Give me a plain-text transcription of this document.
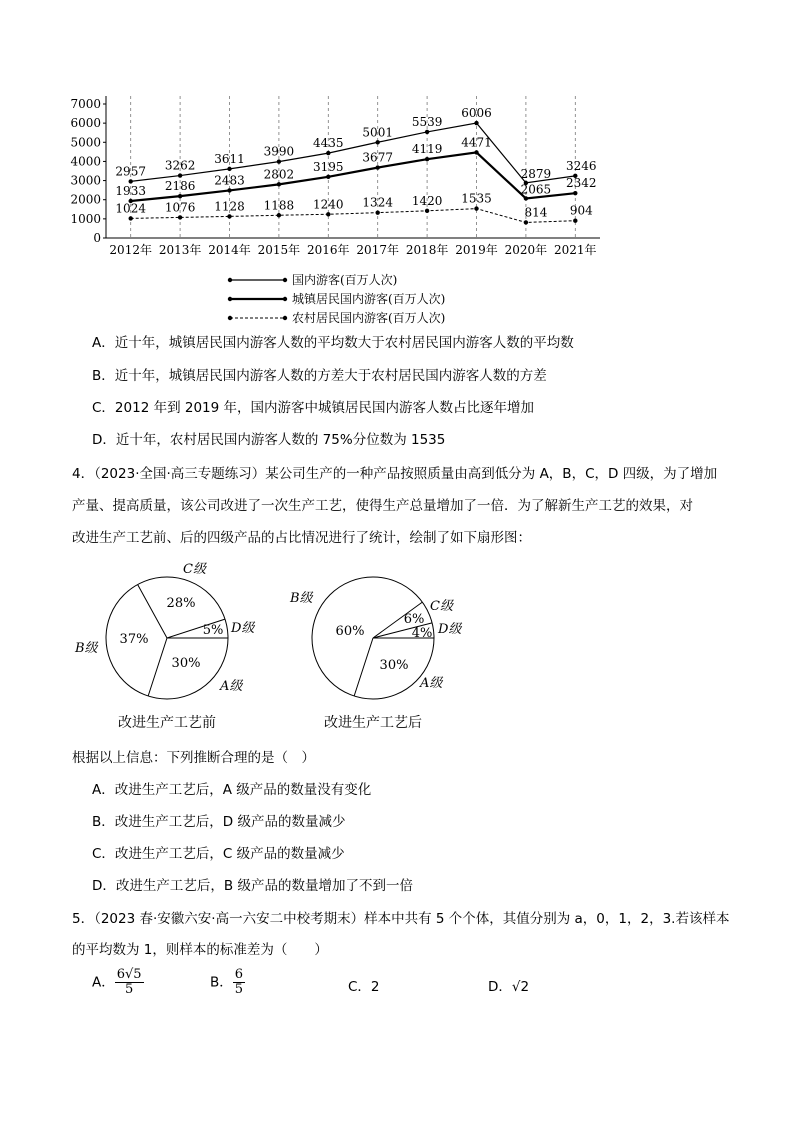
0
1000
2000
3000
4000
5000
6000
7000
2012年 2013年 2014年 2015年 2016年 2017年 2018年 2019年 2020年 2021年
2957 3262 3611
3990
4435
5001
5539
6006
2879
3246
1933 2186 2483 2802
3195
3677
4119 4471
2065 2342
1024 1076 1128 1188 1240 1324 1420 1535
814 904
国内游客(百万人次)
城镇居民国内游客(百万人次)
农村居民国内游客(百万人次)
A．近十年，城镇居民国内游客人数的平均数大于农村居民国内游客人数的平均数
B．近十年，城镇居民国内游客人数的方差大于农村居民国内游客人数的方差
C．2012 年到 2019 年，国内游客中城镇居民国内游客人数占比逐年增加
D．近十年，农村居民国内游客人数的 75%分位数为 1535
4．（2023·全国·高三专题练习）某公司生产的一种产品按照质量由高到低分为 A，B，C，D 四级，为了增加
产量、提高质量，该公司改进了一次生产工艺，使得生产总量增加了一倍．为了解新生产工艺的效果，对
改进生产工艺前、后的四级产品的占比情况进行了统计，绘制了如下扇形图：
30%
A级
37%
B级
28%
C级
5% D级
改进生产工艺前
30%
A级
60%
B级
6%
C级
4% D级
改进生产工艺后
根据以上信息：下列推断合理的是（　）
A．改进生产工艺后，A 级产品的数量没有变化
B．改进生产工艺后，D 级产品的数量减少
C．改进生产工艺后，C 级产品的数量减少
D．改进生产工艺后，B 级产品的数量增加了不到一倍
5．（2023 春·安徽六安·高一六安二中校考期末）样本中共有 5 个个体，其值分别为 a，0，1，2，3.若该样本
的平均数为 1，则样本的标准差为（　　）
A． $\frac{6√5}{5}$	B． $\frac{6}{5}$	C．2	D．√2
